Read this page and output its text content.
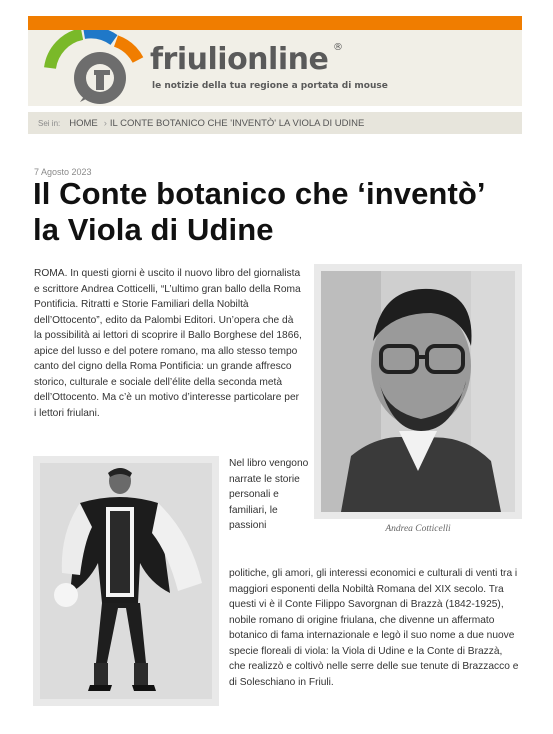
friulionline ®
le notizie della tua regione a portata di mouse
Sei in: HOME › IL CONTE BOTANICO CHE 'INVENTÒ' LA VIOLA DI UDINE
7 Agosto 2023
Il Conte botanico che ‘inventò’ la Viola di Udine

ROMA. In questi giorni è uscito il nuovo libro del giornalista e scrittore Andrea Cotticelli, “L’ultimo gran ballo della Roma Pontificia. Ritratti e Storie Familiari della Nobiltà dell’Ottocento”, edito da Palombi Editori. Un’opera che dà la possibilità ai lettori di scoprire il Ballo Borghese del 1866, apice del lusso e del potere romano, ma allo stesso tempo canto del cigno della Roma Pontificia: un grande affresco storico, culturale e sociale dell’élite della seconda metà dell’Ottocento. Ma c’è un motivo d’interesse particolare per i lettori friulani.

Andrea Cotticelli

Nel libro vengono narrate le storie personali e familiari, le passioni

politiche, gli amori, gli interessi economici e culturali di venti tra i maggiori esponenti della Nobiltà Romana del XIX secolo. Tra questi vi è il Conte Filippo Savorgnan di Brazzà (1842-1925), nobile romano di origine friulana, che divenne un affermato botanico di fama internazionale e legò il suo nome a due nuove specie floreali di viola: la Viola di Udine e la Conte di Brazzà, che realizzò e coltivò nelle serre delle sue tenute di Brazzacco e di Soleschiano in Friuli.
